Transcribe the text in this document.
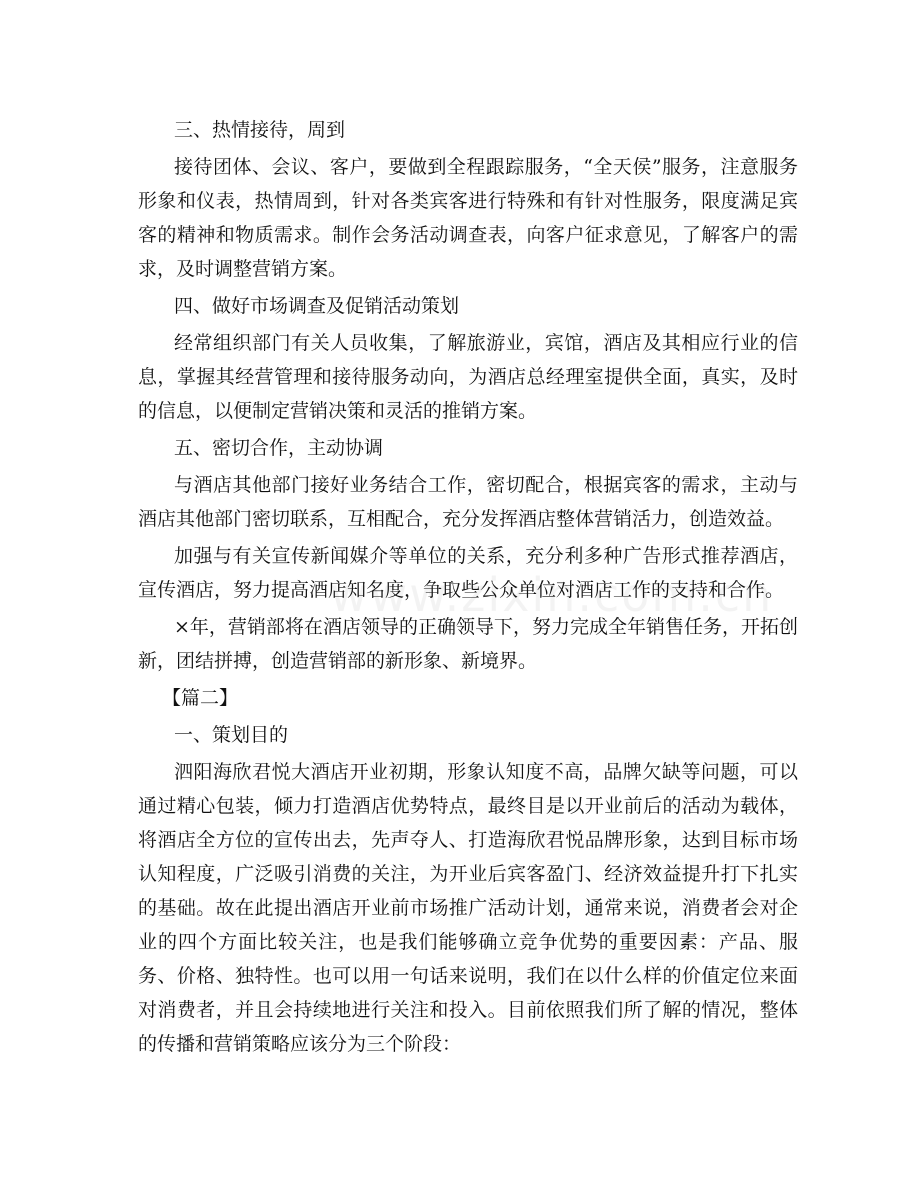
三、热情接待，周到

接待团体、会议、客户，要做到全程跟踪服务，“全天侯”服务，注意服务形象和仪表，热情周到，针对各类宾客进行特殊和有针对性服务，限度满足宾客的精神和物质需求。制作会务活动调查表，向客户征求意见，了解客户的需求，及时调整营销方案。

四、做好市场调查及促销活动策划

经常组织部门有关人员收集，了解旅游业，宾馆，酒店及其相应行业的信息，掌握其经营管理和接待服务动向，为酒店总经理室提供全面，真实，及时的信息，以便制定营销决策和灵活的推销方案。

五、密切合作，主动协调

与酒店其他部门接好业务结合工作，密切配合，根据宾客的需求，主动与酒店其他部门密切联系，互相配合，充分发挥酒店整体营销活力，创造效益。

加强与有关宣传新闻媒介等单位的关系，充分利多种广告形式推荐酒店，宣传酒店，努力提高酒店知名度，争取些公众单位对酒店工作的支持和合作。

×年，营销部将在酒店领导的正确领导下，努力完成全年销售任务，开拓创新，团结拼搏，创造营销部的新形象、新境界。

【篇二】
一、策划目的

泗阳海欣君悦大酒店开业初期，形象认知度不高，品牌欠缺等问题，可以通过精心包装，倾力打造酒店优势特点，最终目是以开业前后的活动为载体，将酒店全方位的宣传出去，先声夺人、打造海欣君悦品牌形象，达到目标市场认知程度，广泛吸引消费的关注，为开业后宾客盈门、经济效益提升打下扎实的基础。故在此提出酒店开业前市场推广活动计划，通常来说，消费者会对企业的四个方面比较关注，也是我们能够确立竞争优势的重要因素：产品、服务、价格、独特性。也可以用一句话来说明，我们在以什么样的价值定位来面对消费者，并且会持续地进行关注和投入。目前依照我们所了解的情况，整体的传播和营销策略应该分为三个阶段：
